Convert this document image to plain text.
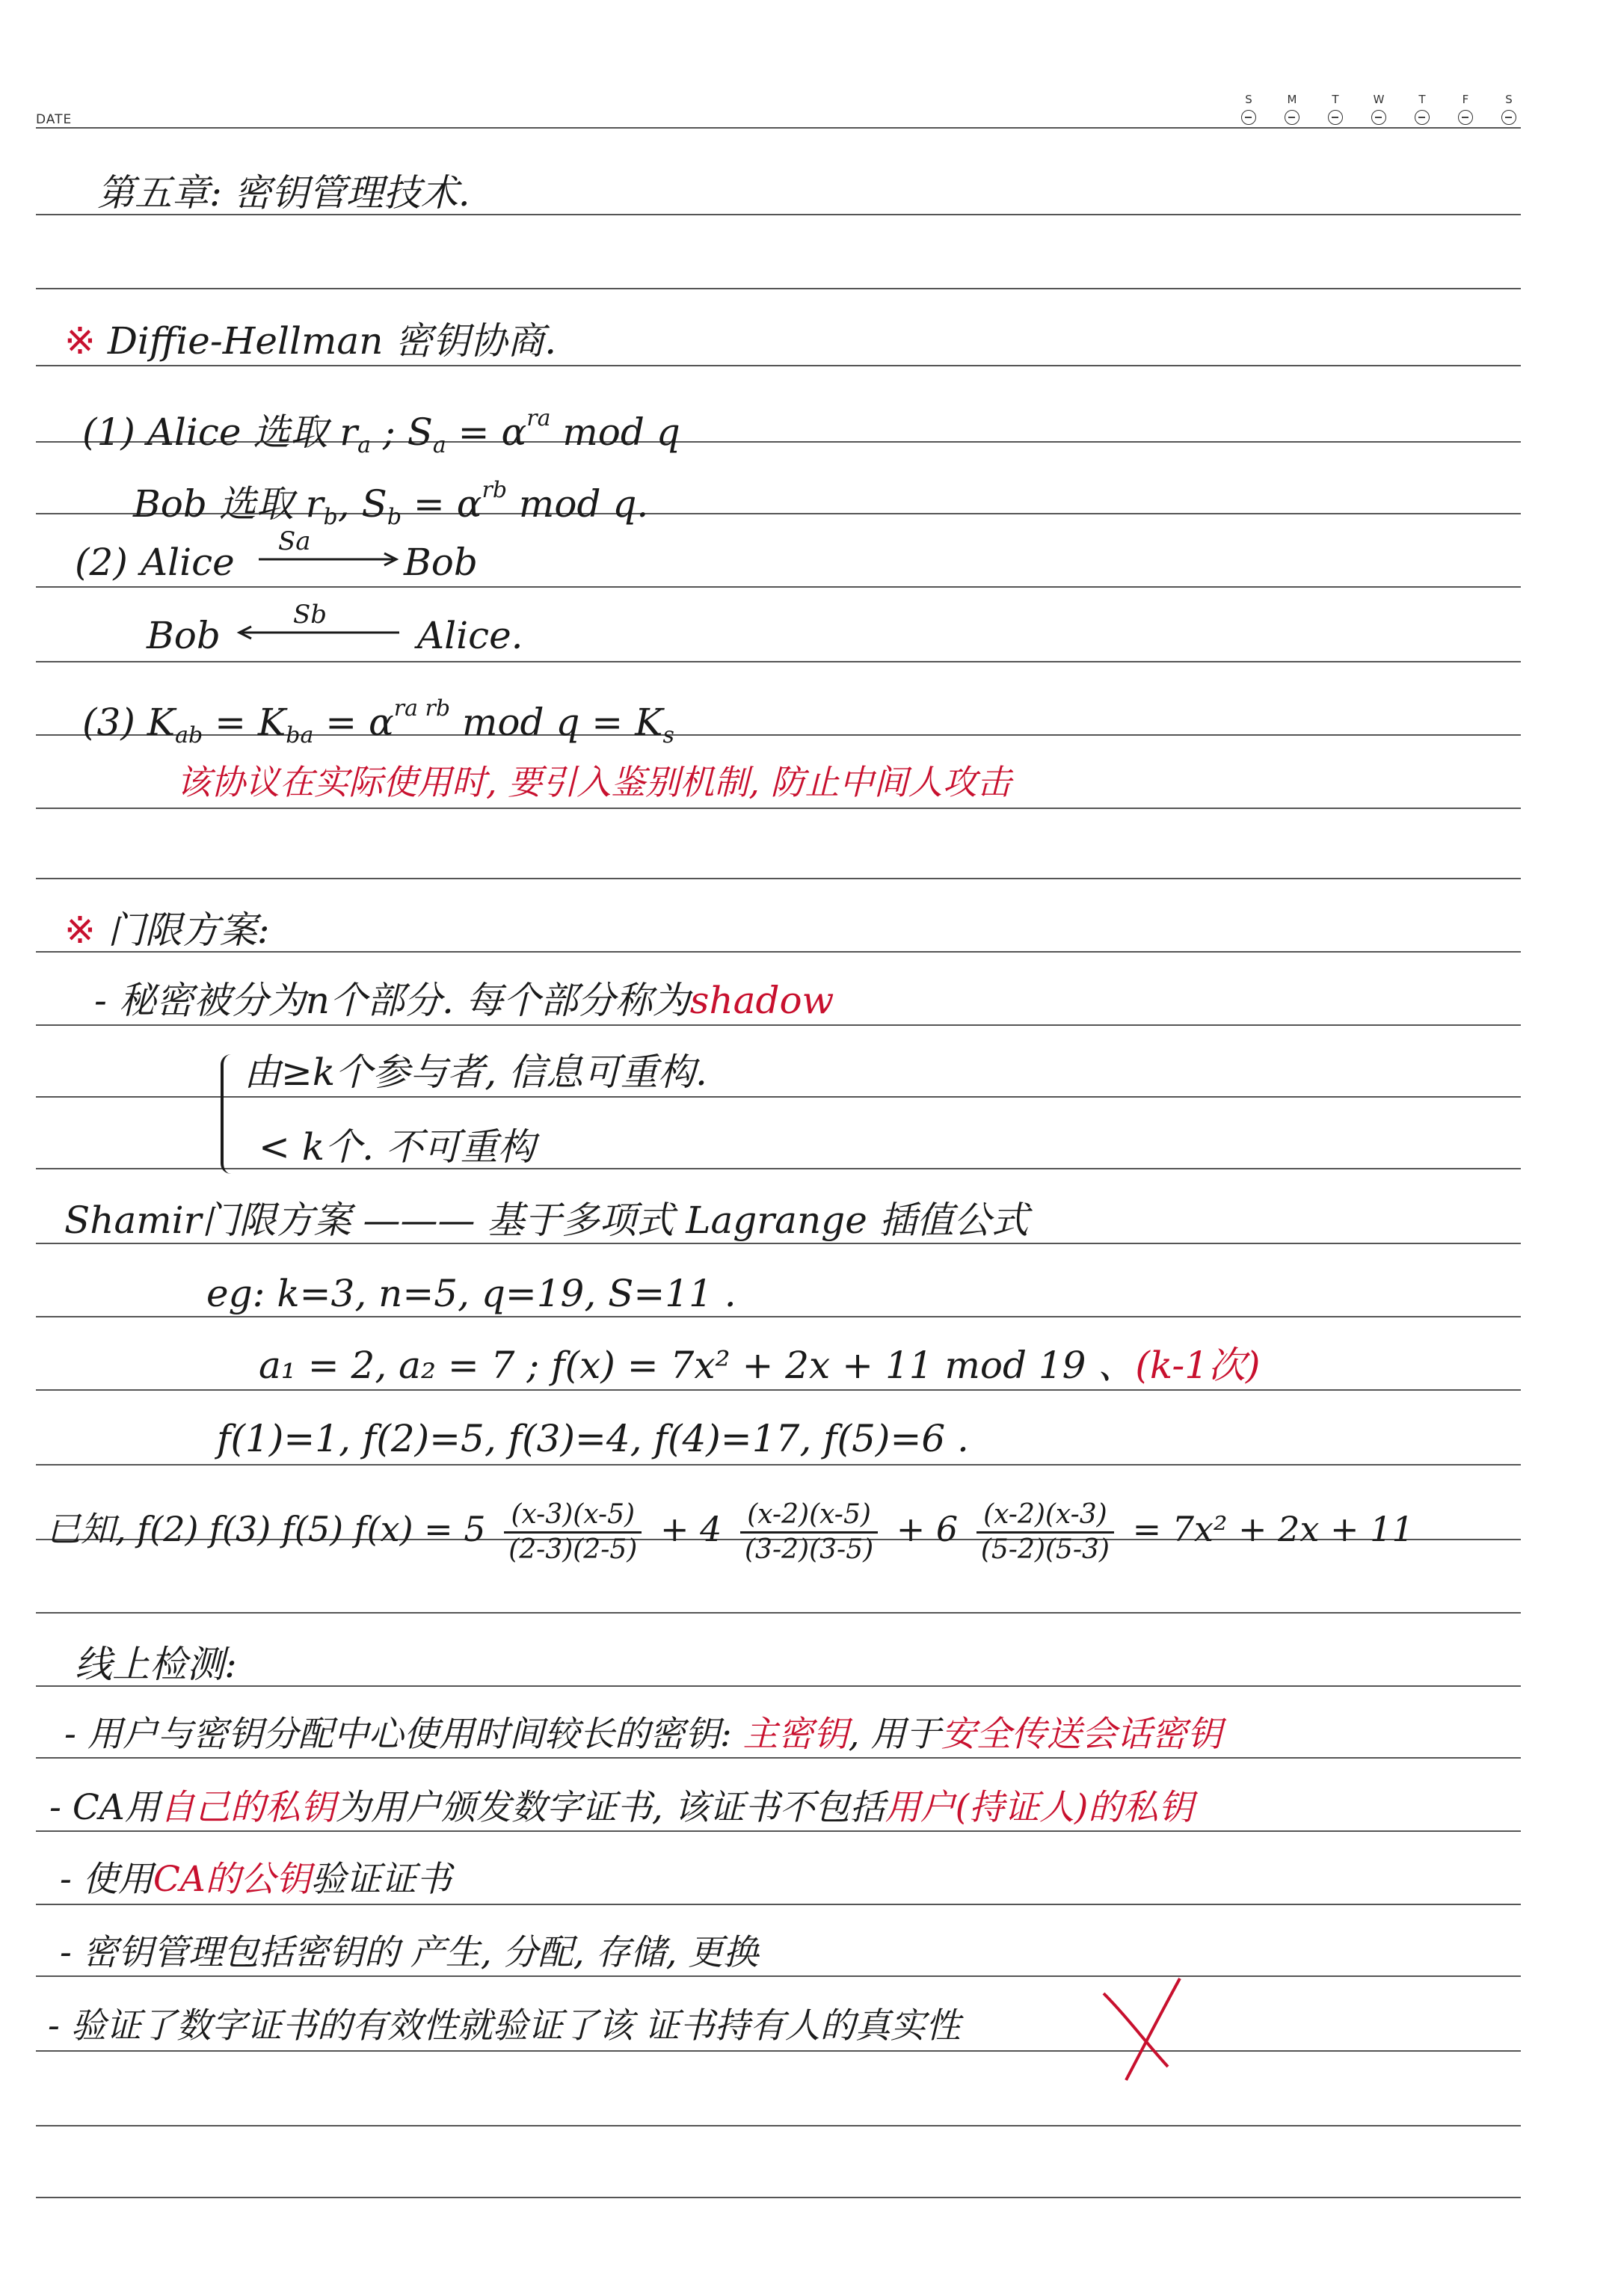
DATE
S	M	T	W	T	F	S
第五章: 密钥管理技术.
※ Diffie-Hellman 密钥协商.
(1) Alice 选取 $r_a$ ; $S_a = \alpha^{ra}$ mod q
Bob 选取 $r_b$, $S_b = \alpha^{rb}$ mod q.
(2) Alice Sa Bob
Bob	Sb Alice.
(3) $K_{ab} = K_{ba} = \alpha^{ra rb}$ mod $q = K_s$
该协议在实际使用时, 要引入鉴别机制, 防止中间人攻击
※ 门限方案:
- 秘密被分为n个部分. 每个部分称为shadow
由≥k个参与者, 信息可重构.
< k个. 不可重构
Shamir门限方案 ——— 基于多项式 Lagrange 插值公式
eg: k=3, n=5, q=19, S=11 .
a₁ = 2, a₂ = 7 ; f(x) = 7x² + 2x + 11 mod 19 、(k-1次)
f(1)=1, f(2)=5, f(3)=4, f(4)=17, f(5)=6 .
已知, f(2) f(3) f(5) $f(x) = 5 \frac{(x-3)(x-5)}{(2-3)(2-5)} + 4 \frac{(x-2)(x-5)}{(3-2)(3-5)} + 6 \frac{(x-2)(x-3)}{(5-2)(5-3)} = 7x^2 + 2x + 11$
线上检测:
- 用户与密钥分配中心使用时间较长的密钥: 主密钥, 用于安全传送会话密钥
- CA用自己的私钥为用户颁发数字证书, 该证书不包括用户(持证人)的私钥
- 使用CA的公钥验证证书
- 密钥管理包括密钥的 产生, 分配, 存储, 更换
- 验证了数字证书的有效性就验证了该 证书持有人的真实性
